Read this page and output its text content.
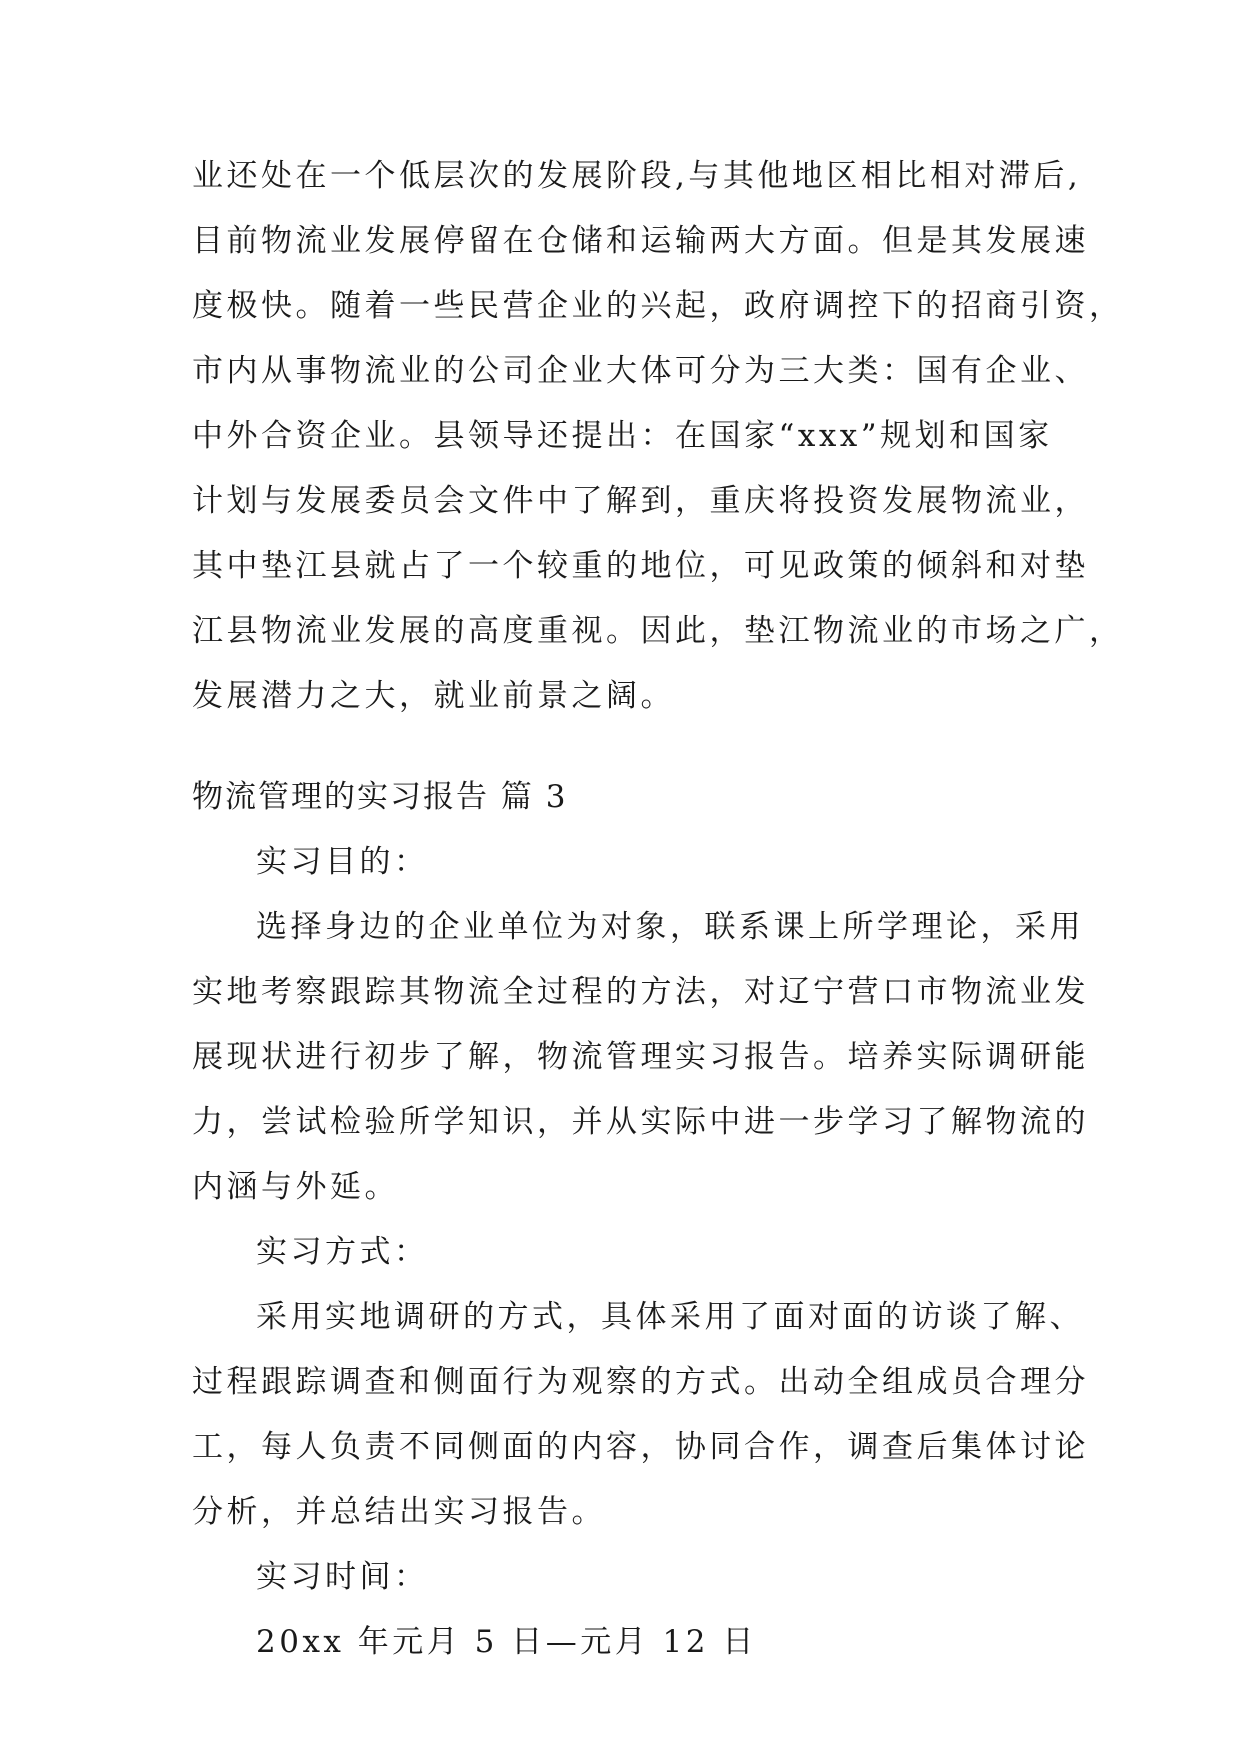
业还处在一个低层次的发展阶段,与其他地区相比相对滞后,
目前物流业发展停留在仓储和运输两大方面。但是其发展速
度极快。随着一些民营企业的兴起，政府调控下的招商引资，
市内从事物流业的公司企业大体可分为三大类：国有企业、
中外合资企业。县领导还提出：在国家“xxx”规划和国家
计划与发展委员会文件中了解到，重庆将投资发展物流业，
其中垫江县就占了一个较重的地位，可见政策的倾斜和对垫
江县物流业发展的高度重视。因此，垫江物流业的市场之广，
发展潜力之大，就业前景之阔。
物流管理的实习报告 篇 3
实习目的：
选择身边的企业单位为对象，联系课上所学理论，采用
实地考察跟踪其物流全过程的方法，对辽宁营口市物流业发
展现状进行初步了解，物流管理实习报告。培养实际调研能
力，尝试检验所学知识，并从实际中进一步学习了解物流的
内涵与外延。
实习方式：
采用实地调研的方式，具体采用了面对面的访谈了解、
过程跟踪调查和侧面行为观察的方式。出动全组成员合理分
工，每人负责不同侧面的内容，协同合作，调查后集体讨论
分析，并总结出实习报告。
实习时间：
20xx 年元月 5 日—元月 12 日
